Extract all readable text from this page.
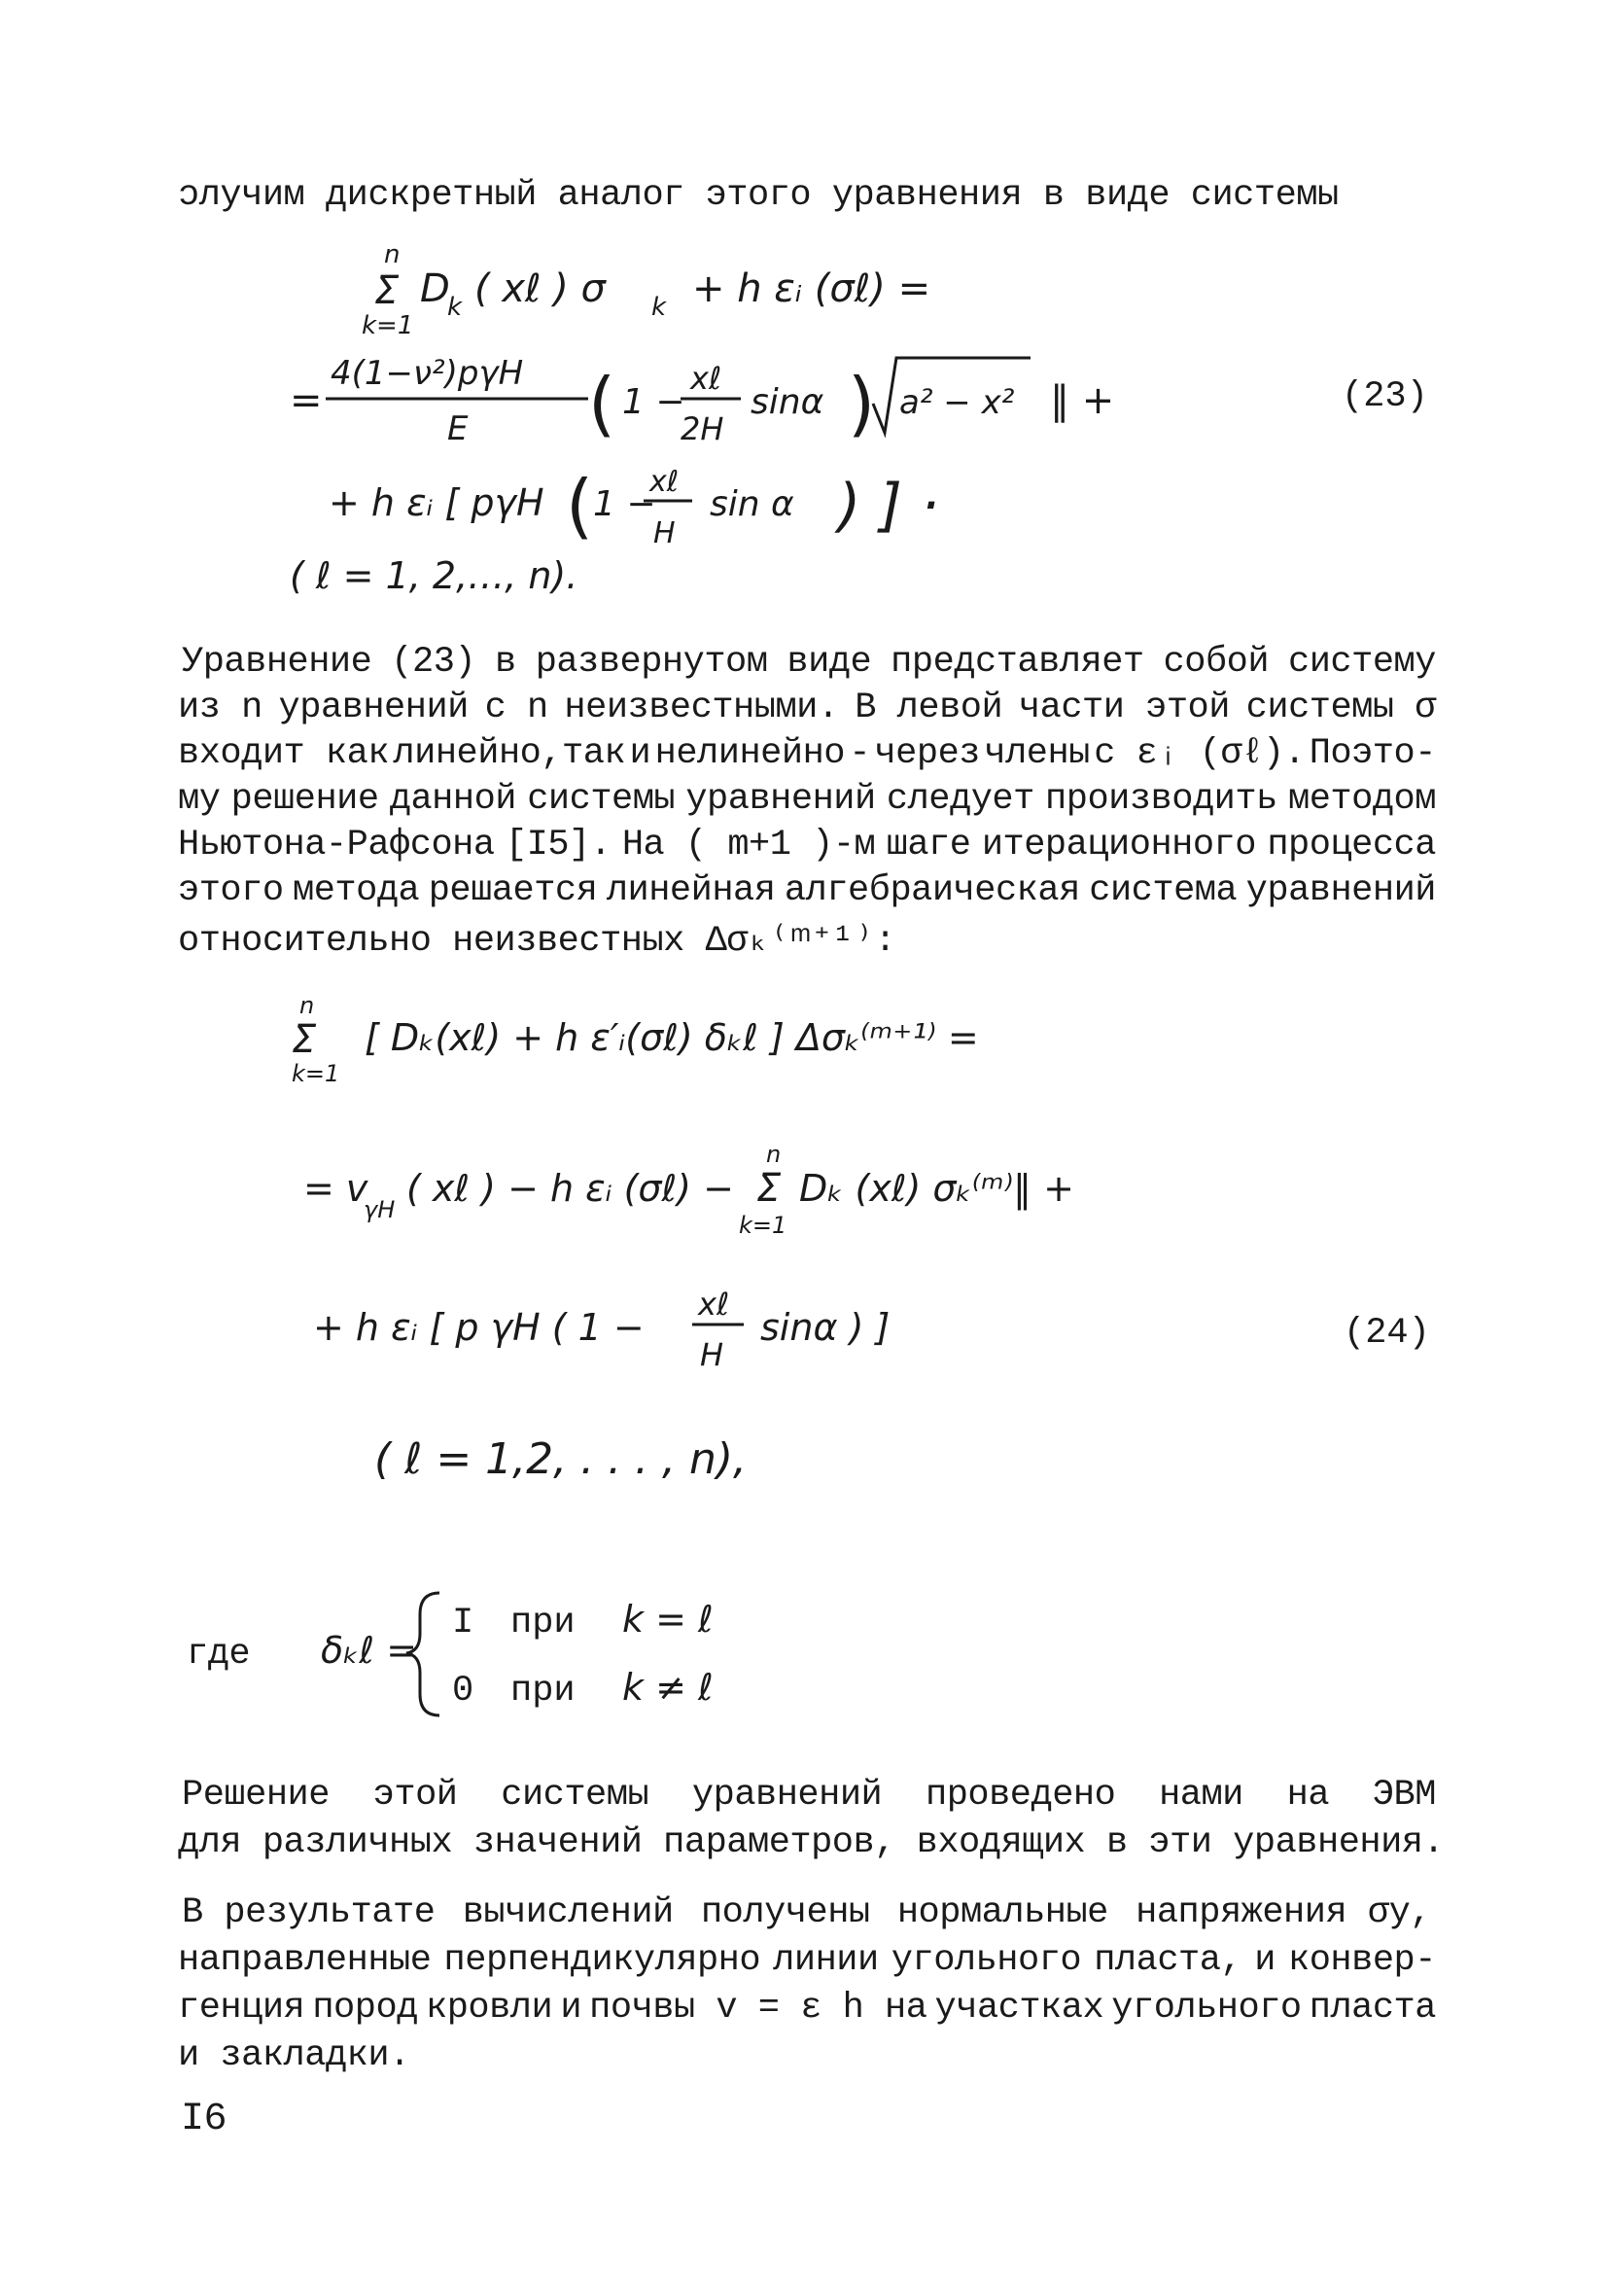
ɔлучим дискретный аналог этого уравнения в виде системы
n
Σ
k=1
D
k ( xℓ ) σ k + h εᵢ (σℓ) =
=
4(1−ν²)pγH
E ( 1 −
xℓ
2H
sinα ) a² − x² ‖ +
+ h εᵢ [ pγH ( 1 −
xℓ
H
sin α ) ] ·
( ℓ = 1, 2,…, n).
(23)
Уравнение (23) в развернутом виде представляет собой систему
из n уравнений с n неизвестными. В левой части этой системы σ
входит как линейно,так и нелинейно - через члены с εᵢ (σℓ). Поэто-
му решение данной системы уравнений следует производить методом
Ньютона-Рафсона [I5]. На ( m+1 )-м шаге итерационного процесса
этого метода решается линейная алгебраическая система уравнений
относительно неизвестных Δσₖ⁽ᵐ⁺¹⁾:
n
Σ
k=1
[ Dₖ(xℓ) + h ε′ᵢ(σℓ) δₖℓ ] Δσₖ⁽ᵐ⁺¹⁾ =
= v
γH ( xℓ ) − h εᵢ (σℓ) −
n
Σ
k=1
Dₖ (xℓ) σₖ⁽ᵐ⁾‖ +
+ h εᵢ [ p γH ( 1 −
xℓ
H
sinα ) ]
( ℓ = 1,2, . . . , n),
(24)
где δₖℓ =
I при k = ℓ
0 при k ≠ ℓ
Решение этой системы уравнений проведено нами на ЭВМ
для различных значений параметров, входящих в эти уравнения.
В результате вычислений получены нормальные напряжения σy,
направленные перпендикулярно линии угольного пласта, и конвер-
генция пород кровли и почвы v = ε h на участках угольного пласта
и закладки.
I6
